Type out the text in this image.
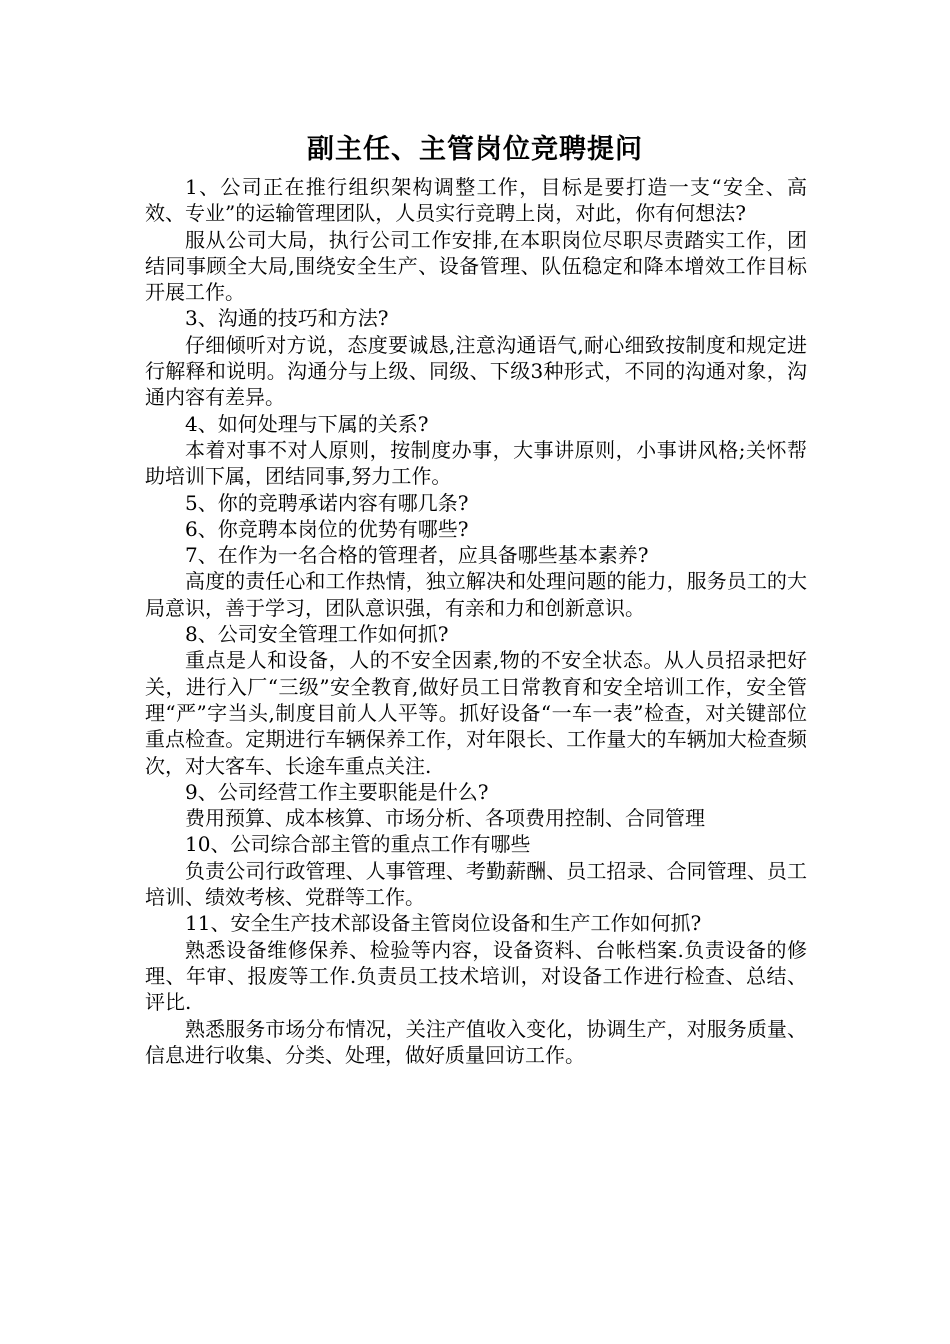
副主任、主管岗位竞聘提问

1、公司正在推行组织架构调整工作，目标是要打造一支“安全、高效、专业”的运输管理团队，人员实行竞聘上岗，对此，你有何想法?

服从公司大局，执行公司工作安排,在本职岗位尽职尽责踏实工作，团结同事顾全大局,围绕安全生产、设备管理、队伍稳定和降本增效工作目标开展工作。

3、沟通的技巧和方法?

仔细倾听对方说，态度要诚恳,注意沟通语气,耐心细致按制度和规定进行解释和说明。沟通分与上级、同级、下级3种形式，不同的沟通对象，沟通内容有差异。

4、如何处理与下属的关系?

本着对事不对人原则，按制度办事，大事讲原则，小事讲风格;关怀帮助培训下属，团结同事,努力工作。

5、你的竞聘承诺内容有哪几条?

6、你竞聘本岗位的优势有哪些?

7、在作为一名合格的管理者，应具备哪些基本素养?

高度的责任心和工作热情，独立解决和处理问题的能力，服务员工的大局意识，善于学习，团队意识强，有亲和力和创新意识。

8、公司安全管理工作如何抓?

重点是人和设备，人的不安全因素,物的不安全状态。从人员招录把好关，进行入厂“三级”安全教育,做好员工日常教育和安全培训工作，安全管理“严”字当头,制度目前人人平等。抓好设备“一车一表”检查，对关键部位重点检查。定期进行车辆保养工作，对年限长、工作量大的车辆加大检查频次，对大客车、长途车重点关注.

9、公司经营工作主要职能是什么?

费用预算、成本核算、市场分析、各项费用控制、合同管理

10、公司综合部主管的重点工作有哪些

负责公司行政管理、人事管理、考勤薪酬、员工招录、合同管理、员工培训、绩效考核、党群等工作。

11、安全生产技术部设备主管岗位设备和生产工作如何抓?

熟悉设备维修保养、检验等内容，设备资料、台帐档案.负责设备的修理、年审、报废等工作.负责员工技术培训，对设备工作进行检查、总结、评比.

熟悉服务市场分布情况，关注产值收入变化，协调生产，对服务质量、信息进行收集、分类、处理，做好质量回访工作。
